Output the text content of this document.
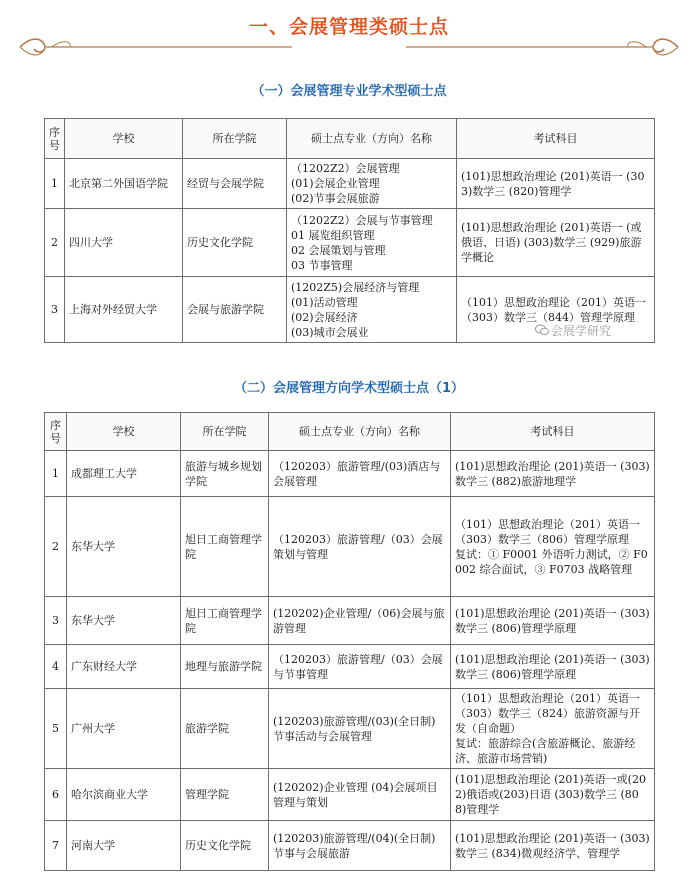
一、会展管理类硕士点
（一）会展管理专业学术型硕士点
序号	学校	所在学院	硕士点专业（方向）名称	考试科目
1	北京第二外国语学院	经贸与会展学院	（1202Z2）会展管理
(01)会展企业管理
(02)节事会展旅游	(101)思想政治理论 (201)英语一 (303)数学三 (820)管理学
2	四川大学	历史文化学院	（1202Z2）会展与节事管理
01 展览组织管理
02 会展策划与管理
03 节事管理	(101)思想政治理论 (201)英语一 (或俄语、日语) (303)数学三 (929)旅游学概论
3	上海对外经贸大学	会展与旅游学院	(1202Z5)会展经济与管理
(01)活动管理
(02)会展经济
(03)城市会展业	（101）思想政治理论（201）英语一（303）数学三（844）管理学原理
会展学研究
（二）会展管理方向学术型硕士点（1）
序号	学校	所在学院	硕士点专业（方向）名称	考试科目
1	成都理工大学	旅游与城乡规划学院	（120203）旅游管理/(03)酒店与会展管理	(101)思想政治理论 (201)英语一 (303)数学三 (882)旅游地理学
2	东华大学	旭日工商管理学院	（120203）旅游管理/（03）会展策划与管理	（101）思想政治理论（201）英语一（303）数学三（806）管理学原理
复试：① F0001 外语听力测试，② F0002 综合面试，③ F0703 战略管理
3	东华大学	旭日工商管理学院	(120202)企业管理/（06)会展与旅游管理	(101)思想政治理论 (201)英语一 (303)数学三 (806)管理学原理
4	广东财经大学	地理与旅游学院	（120203）旅游管理/（03）会展与节事管理	(101)思想政治理论 (201)英语一 (303)数学三 (806)管理学原理
5	广州大学	旅游学院	(120203)旅游管理/(03)(全日制)节事活动与会展管理	（101）思想政治理论（201）英语一（303）数学三（824）旅游资源与开发（自命题）
复试：旅游综合(含旅游概论、旅游经济、旅游市场营销)
6	哈尔滨商业大学	管理学院	(120202)企业管理 (04)会展项目管理与策划	(101)思想政治理论 (201)英语一或(202)俄语或(203)日语 (303)数学三 (808)管理学
7	河南大学	历史文化学院	(120203)旅游管理/(04)(全日制)节事与会展旅游	(101)思想政治理论 (201)英语一 (303)数学三 (834)微观经济学、管理学
